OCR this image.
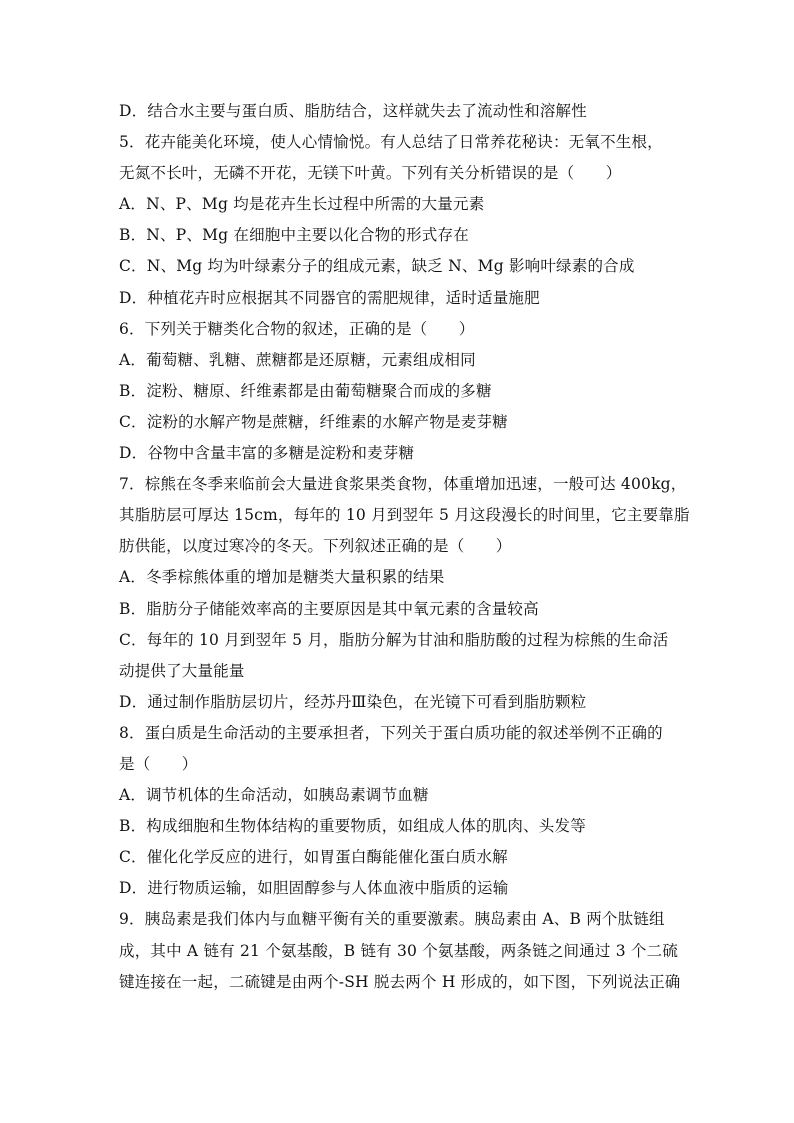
D．结合水主要与蛋白质、脂肪结合，这样就失去了流动性和溶解性
5．花卉能美化环境，使人心情愉悦。有人总结了日常养花秘诀：无氧不生根，
无氮不长叶，无磷不开花，无镁下叶黄。下列有关分析错误的是（　　）
A．N、P、Mg 均是花卉生长过程中所需的大量元素
B．N、P、Mg 在细胞中主要以化合物的形式存在
C．N、Mg 均为叶绿素分子的组成元素，缺乏 N、Mg 影响叶绿素的合成
D．种植花卉时应根据其不同器官的需肥规律，适时适量施肥
6．下列关于糖类化合物的叙述，正确的是（　　）
A．葡萄糖、乳糖、蔗糖都是还原糖，元素组成相同
B．淀粉、糖原、纤维素都是由葡萄糖聚合而成的多糖
C．淀粉的水解产物是蔗糖，纤维素的水解产物是麦芽糖
D．谷物中含量丰富的多糖是淀粉和麦芽糖
7．棕熊在冬季来临前会大量进食浆果类食物，体重增加迅速，一般可达 400kg，
其脂肪层可厚达 15cm，每年的 10 月到翌年 5 月这段漫长的时间里，它主要靠脂
肪供能，以度过寒冷的冬天。下列叙述正确的是（　　）
A．冬季棕熊体重的增加是糖类大量积累的结果
B．脂肪分子储能效率高的主要原因是其中氧元素的含量较高
C．每年的 10 月到翌年 5 月，脂肪分解为甘油和脂肪酸的过程为棕熊的生命活
动提供了大量能量
D．通过制作脂肪层切片，经苏丹Ⅲ染色，在光镜下可看到脂肪颗粒
8．蛋白质是生命活动的主要承担者，下列关于蛋白质功能的叙述举例不正确的
是（　　）
A．调节机体的生命活动，如胰岛素调节血糖
B．构成细胞和生物体结构的重要物质，如组成人体的肌肉、头发等
C．催化化学反应的进行，如胃蛋白酶能催化蛋白质水解
D．进行物质运输，如胆固醇参与人体血液中脂质的运输
9．胰岛素是我们体内与血糖平衡有关的重要激素。胰岛素由 A、B 两个肽链组
成，其中 A 链有 21 个氨基酸，B 链有 30 个氨基酸，两条链之间通过 3 个二硫
键连接在一起，二硫键是由两个-SH 脱去两个 H 形成的，如下图，下列说法正确
